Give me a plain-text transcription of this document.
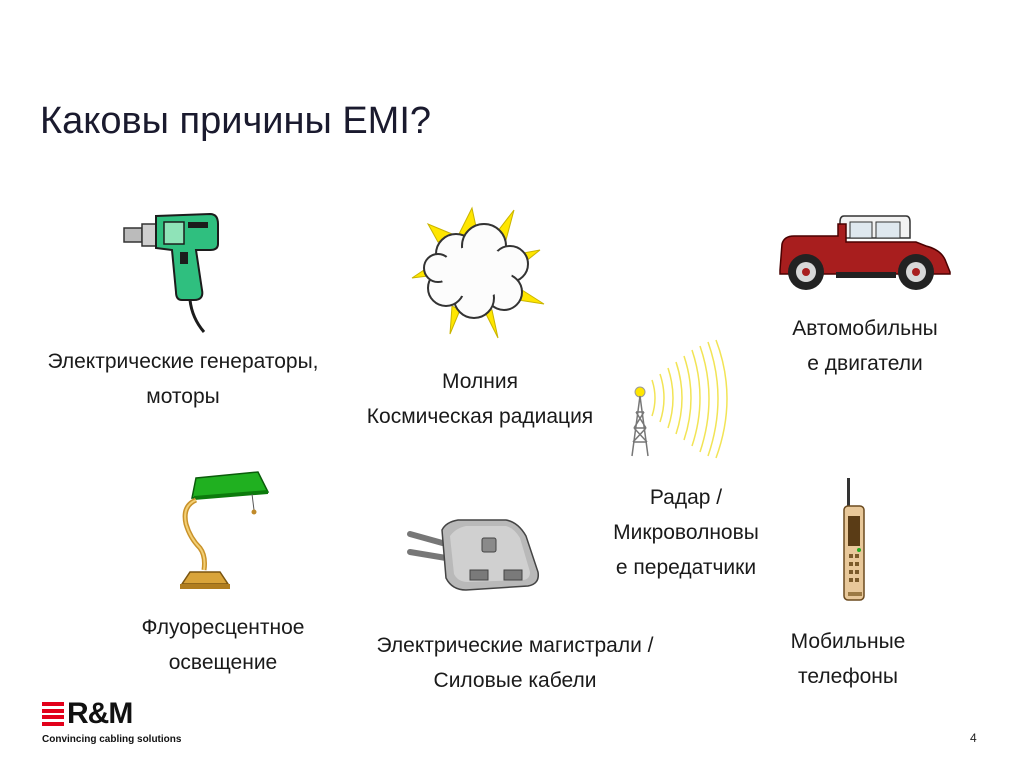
Каковы причины EMI?
Электрические генераторы,
моторы
Молния
Космическая радиация
Автомобильны
е двигатели
Радар /
Микроволновы
е передатчики
Флуоресцентное
освещение
Электрические магистрали /
Силовые кабели
Мобильные
телефоны
R&M
Convincing cabling solutions	4
